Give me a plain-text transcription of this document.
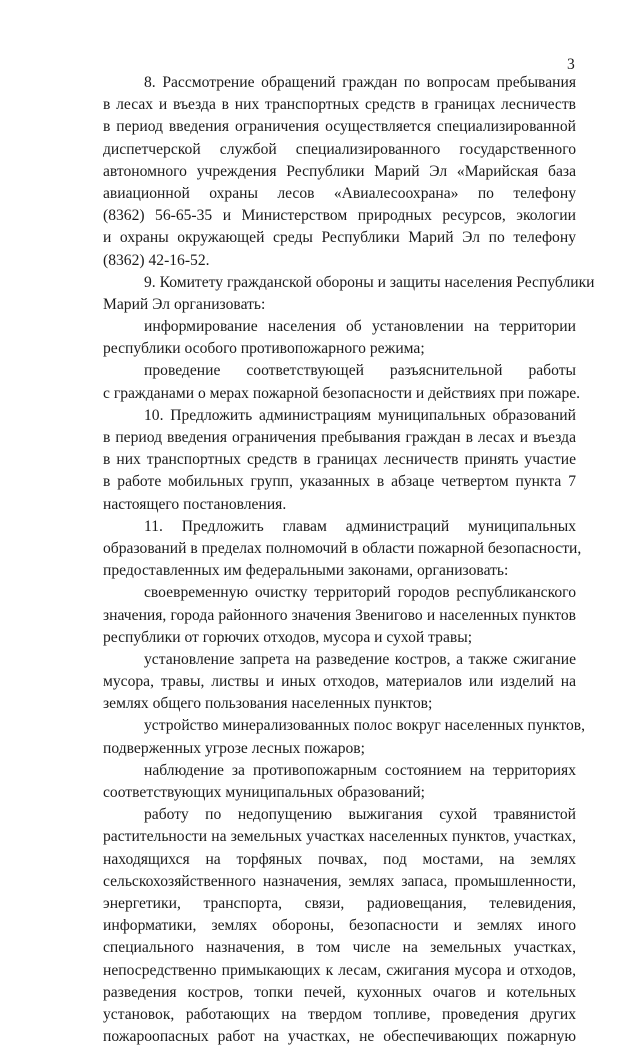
3
8. Рассмотрение обращений граждан по вопросам пребывания
в лесах и въезда в них транспортных средств в границах лесничеств
в период введения ограничения осуществляется специализированной
диспетчерской службой специализированного государственного
автономного учреждения Республики Марий Эл «Марийская база
авиационной охраны лесов «Авиалесоохрана» по телефону
(8362) 56-65-35 и Министерством природных ресурсов, экологии
и охраны окружающей среды Республики Марий Эл по телефону
(8362) 42-16-52.
9. Комитету гражданской обороны и защиты населения Республики
Марий Эл организовать:
информирование населения об установлении на территории
республики особого противопожарного режима;
проведение соответствующей разъяснительной работы
с гражданами о мерах пожарной безопасности и действиях при пожаре.
10. Предложить администрациям муниципальных образований
в период введения ограничения пребывания граждан в лесах и въезда
в них транспортных средств в границах лесничеств принять участие
в работе мобильных групп, указанных в абзаце четвертом пункта 7
настоящего постановления.
11. Предложить главам администраций муниципальных
образований в пределах полномочий в области пожарной безопасности,
предоставленных им федеральными законами, организовать:
своевременную очистку территорий городов республиканского
значения, города районного значения Звенигово и населенных пунктов
республики от горючих отходов, мусора и сухой травы;
установление запрета на разведение костров, а также сжигание
мусора, травы, листвы и иных отходов, материалов или изделий на
землях общего пользования населенных пунктов;
устройство минерализованных полос вокруг населенных пунктов,
подверженных угрозе лесных пожаров;
наблюдение за противопожарным состоянием на территориях
соответствующих муниципальных образований;
работу по недопущению выжигания сухой травянистой
растительности на земельных участках населенных пунктов, участках,
находящихся на торфяных почвах, под мостами, на землях
сельскохозяйственного назначения, землях запаса, промышленности,
энергетики, транспорта, связи, радиовещания, телевидения,
информатики, землях обороны, безопасности и землях иного
специального назначения, в том числе на земельных участках,
непосредственно примыкающих к лесам, сжигания мусора и отходов,
разведения костров, топки печей, кухонных очагов и котельных
установок, работающих на твердом топливе, проведения других
пожароопасных работ на участках, не обеспечивающих пожарную
